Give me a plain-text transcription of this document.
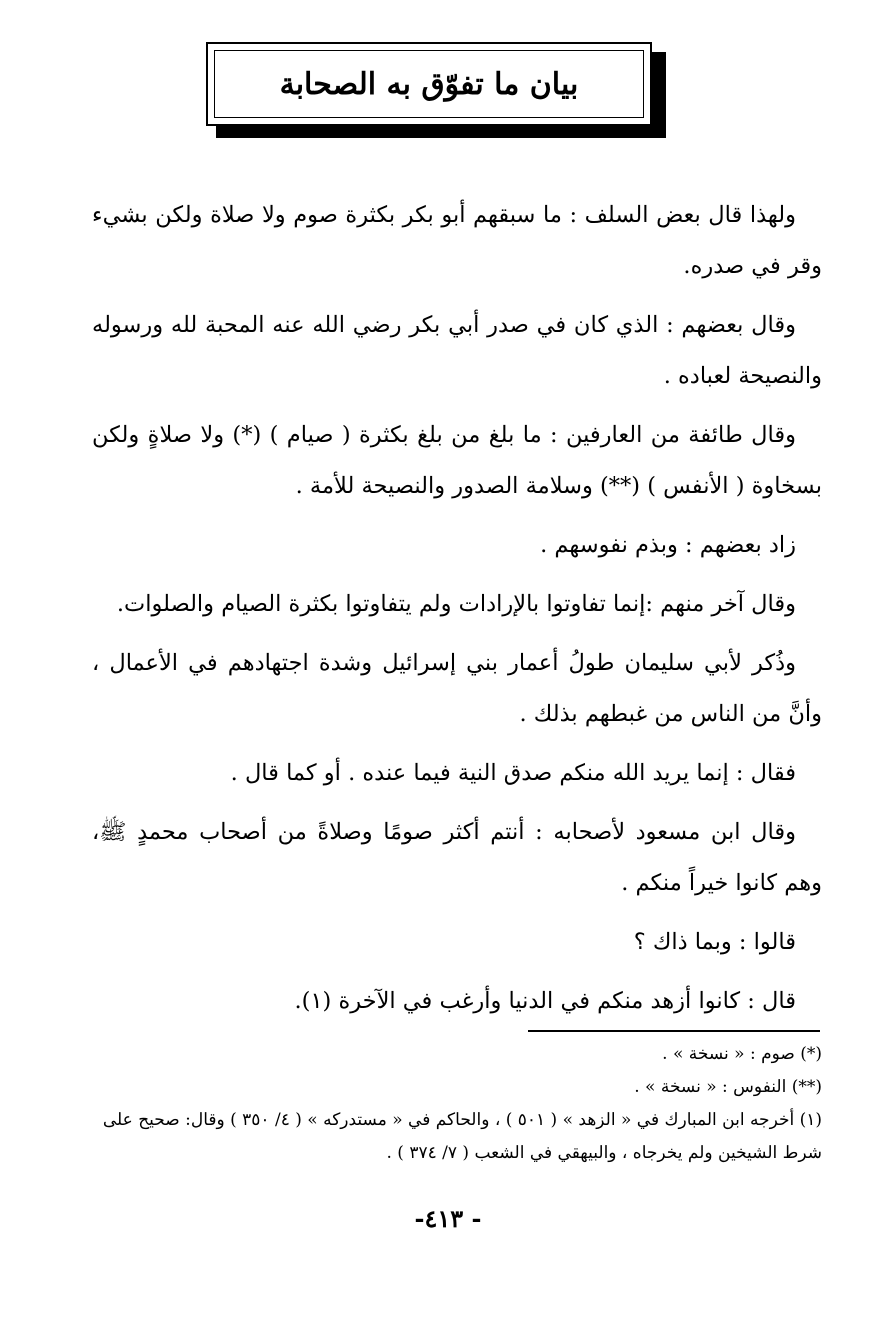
بيان ما تفوّق به الصحابة

ولهذا قال بعض السلف : ما سبقهم أبو بكر بكثرة صوم ولا صلاة ولكن بشيء وقر في صدره.

وقال بعضهم : الذي كان في صدر أبي بكر رضي الله عنه المحبة لله ورسوله والنصيحة لعباده .

وقال طائفة من العارفين : ما بلغ من بلغ بكثرة ( صيام ) (*) ولا صلاةٍ ولكن بسخاوة ( الأنفس ) (**) وسلامة الصدور والنصيحة للأمة .

زاد بعضهم : وبذم نفوسهم .

وقال آخر منهم :إنما تفاوتوا بالإرادات ولم يتفاوتوا بكثرة الصيام والصلوات.

وذُكر لأبي سليمان طولُ أعمار بني إسرائيل وشدة اجتهادهم في الأعمال ، وأنَّ من الناس من غبطهم بذلك .

فقال : إنما يريد الله منكم صدق النية فيما عنده . أو كما قال .

وقال ابن مسعود لأصحابه : أنتم أكثر صومًا وصلاةً من أصحاب محمدٍ ﷺ، وهم كانوا خيراً منكم .

قالوا : وبما ذاك ؟

قال : كانوا أزهد منكم في الدنيا وأرغب في الآخرة (١).

(*) صوم : « نسخة » .

(**) النفوس : « نسخة » .

(١) أخرجه ابن المبارك في « الزهد » ( ٥٠١ ) ، والحاكم في « مستدركه » ( ٤/ ٣٥٠ ) وقال: صحيح على شرط الشيخين ولم يخرجاه ، والبيهقي في الشعب ( ٧/ ٣٧٤ ) .

- ٤١٣-
